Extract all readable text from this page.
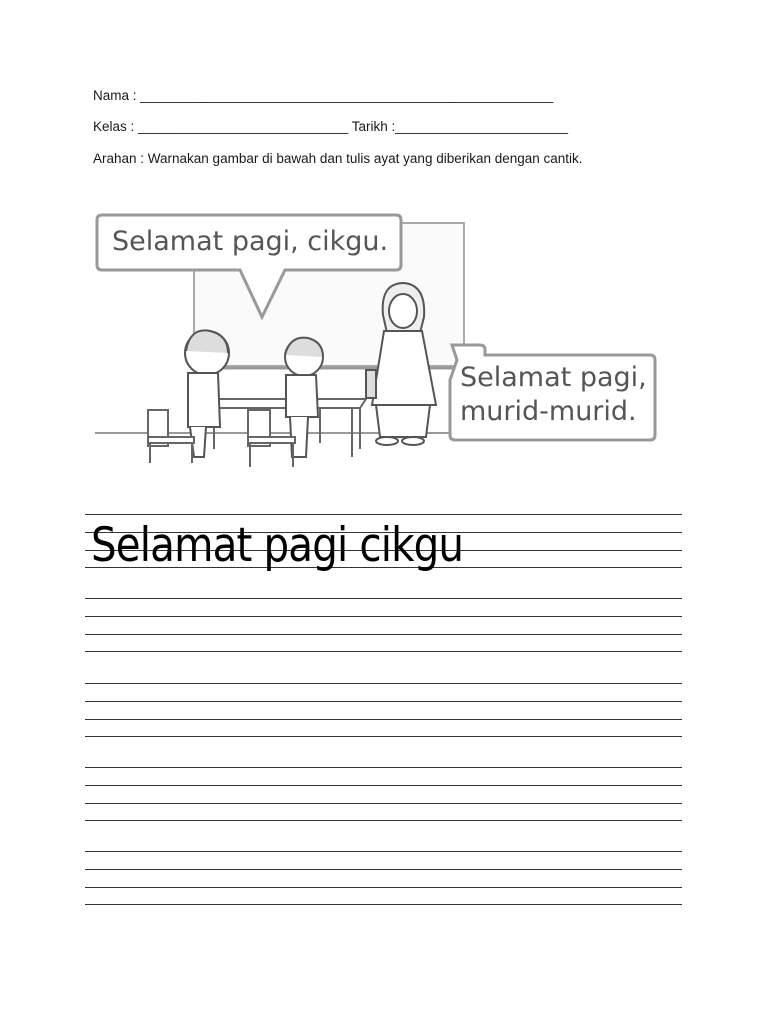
Nama : _______________________________________________________
Kelas : ____________________________ Tarikh :_______________________
Arahan : Warnakan gambar di bawah dan tulis ayat yang diberikan dengan cantik.
Selamat pagi, cikgu.
Selamat pagi,
murid-murid.
Selamat pagi cikgu
